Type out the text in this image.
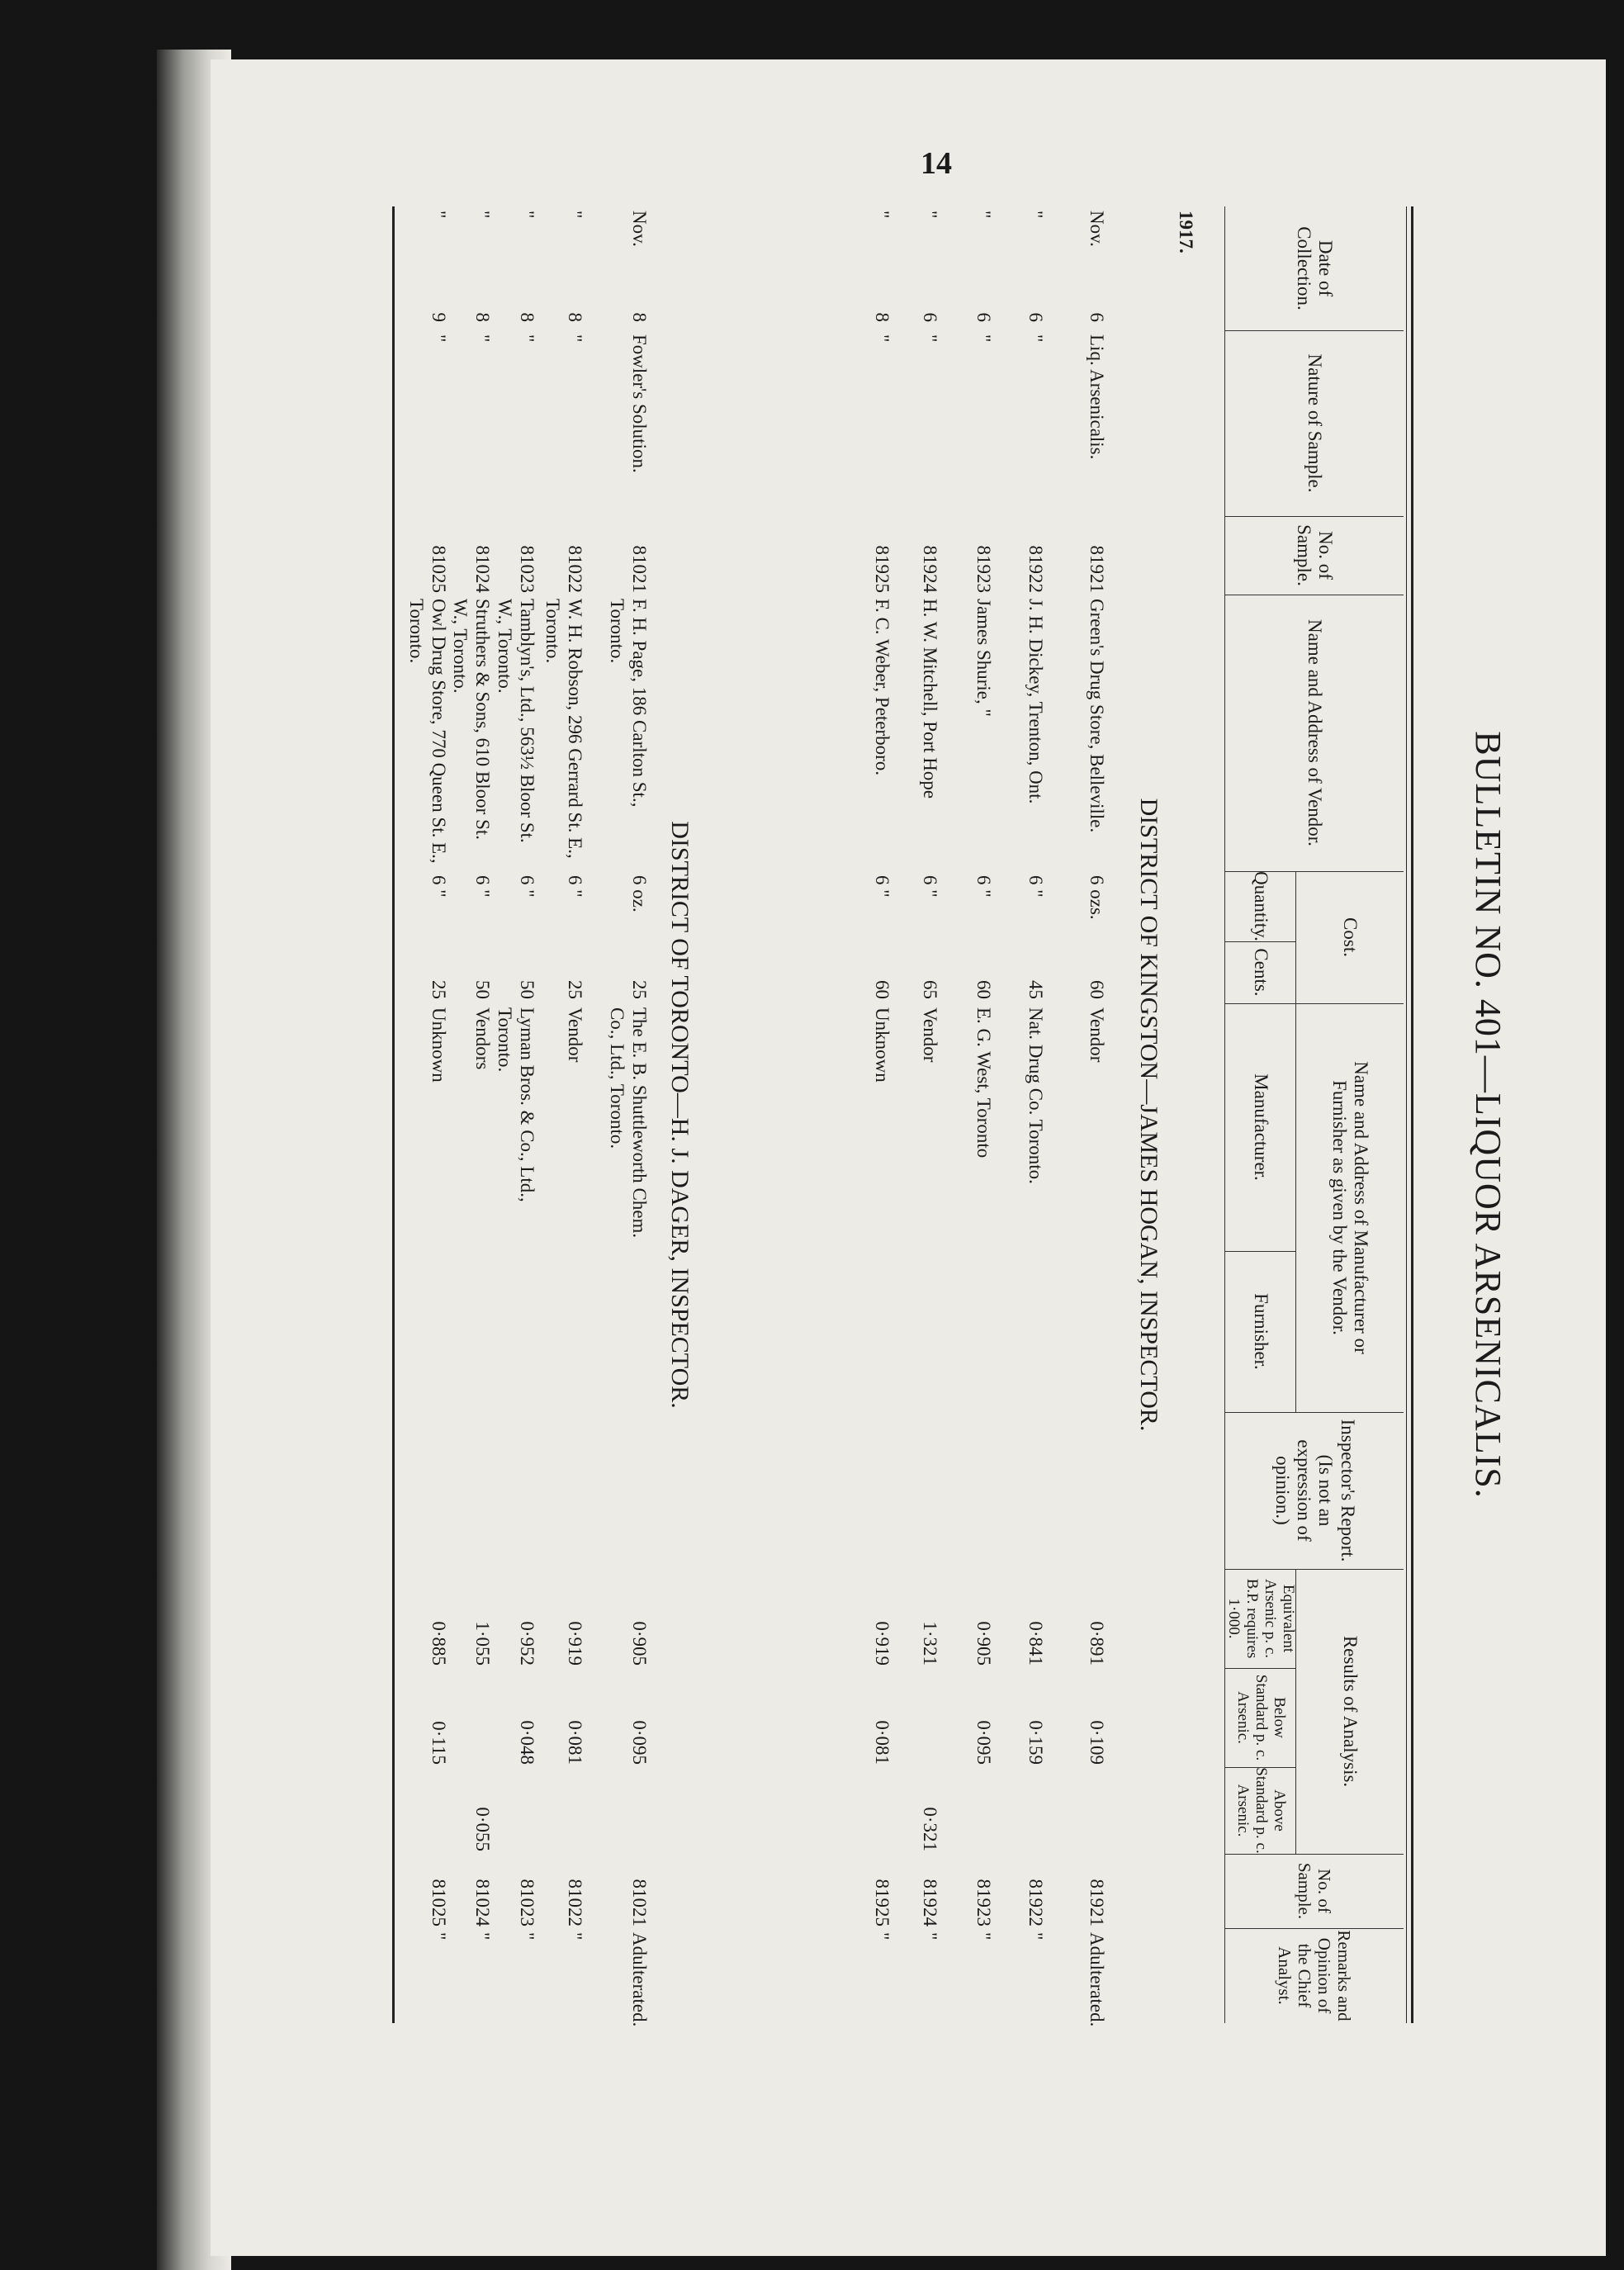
14
BULLETIN NO. 401—LIQUOR ARSENICALIS.
Date of Collection.
Nature of Sample.
No. of Sample.
Name and Address of Vendor.
Cost.
Quantity.
Cents.
Name and Address of Manufacturer or Furnisher as given by the Vendor.
Manufacturer.
Furnisher.
Inspector's Report. (Is not an expression of opinion.)
Results of Analysis.
Equivalent Arsenic p. c. B.P. requires 1·000.
Below Standard p. c. Arsenic.
Above Standard p. c. Arsenic.
No. of Sample.
Remarks and Opinion of the Chief Analyst.
1917.
DISTRICT OF KINGSTON—JAMES HOGAN, INSPECTOR.
Nov.
6
Liq. Arsenicalis.
81921
Green's Drug Store, Belleville.
6 ozs.
60
Vendor
0·891
0·109
81921
Adulterated.
"
6
"
81922
J. H. Dickey, Trenton, Ont.
6 "
45
Nat. Drug Co. Toronto.
0·841
0·159
81922
"
"
6
"
81923
James Shurie, "
6 "
60
E. G. West, Toronto
0·905
0·095
81923
"
"
6
"
81924
H. W. Mitchell, Port Hope
6 "
65
Vendor
1·321
0·321
81924
"
"
8
"
81925
F. C. Weber, Peterboro.
6 "
60
Unknown
0·919
0·081
81925
"
DISTRICT OF TORONTO—H. J. DAGER, INSPECTOR.
Nov.
8
Fowler's Solution.
81021
F. H. Page, 186 Carlton St., Toronto.
6 oz.
25
The E. B. Shuttleworth Chem. Co., Ltd., Toronto.
0·905
0·095
81021
Adulterated.
"
8
"
81022
W. H. Robson, 296 Gerrard St. E., Toronto.
6 "
25
Vendor
0·919
0·081
81022
"
"
8
"
81023
Tamblyn's, Ltd., 563½ Bloor St. W., Toronto.
6 "
50
Lyman Bros. & Co., Ltd., Toronto.
0·952
0·048
81023
"
"
8
"
81024
Struthers & Sons, 610 Bloor St. W., Toronto.
6 "
50
Vendors
1·055
0·055
81024
"
"
9
"
81025
Owl Drug Store, 770 Queen St. E., Toronto.
6 "
25
Unknown
0·885
0·115
81025
"
